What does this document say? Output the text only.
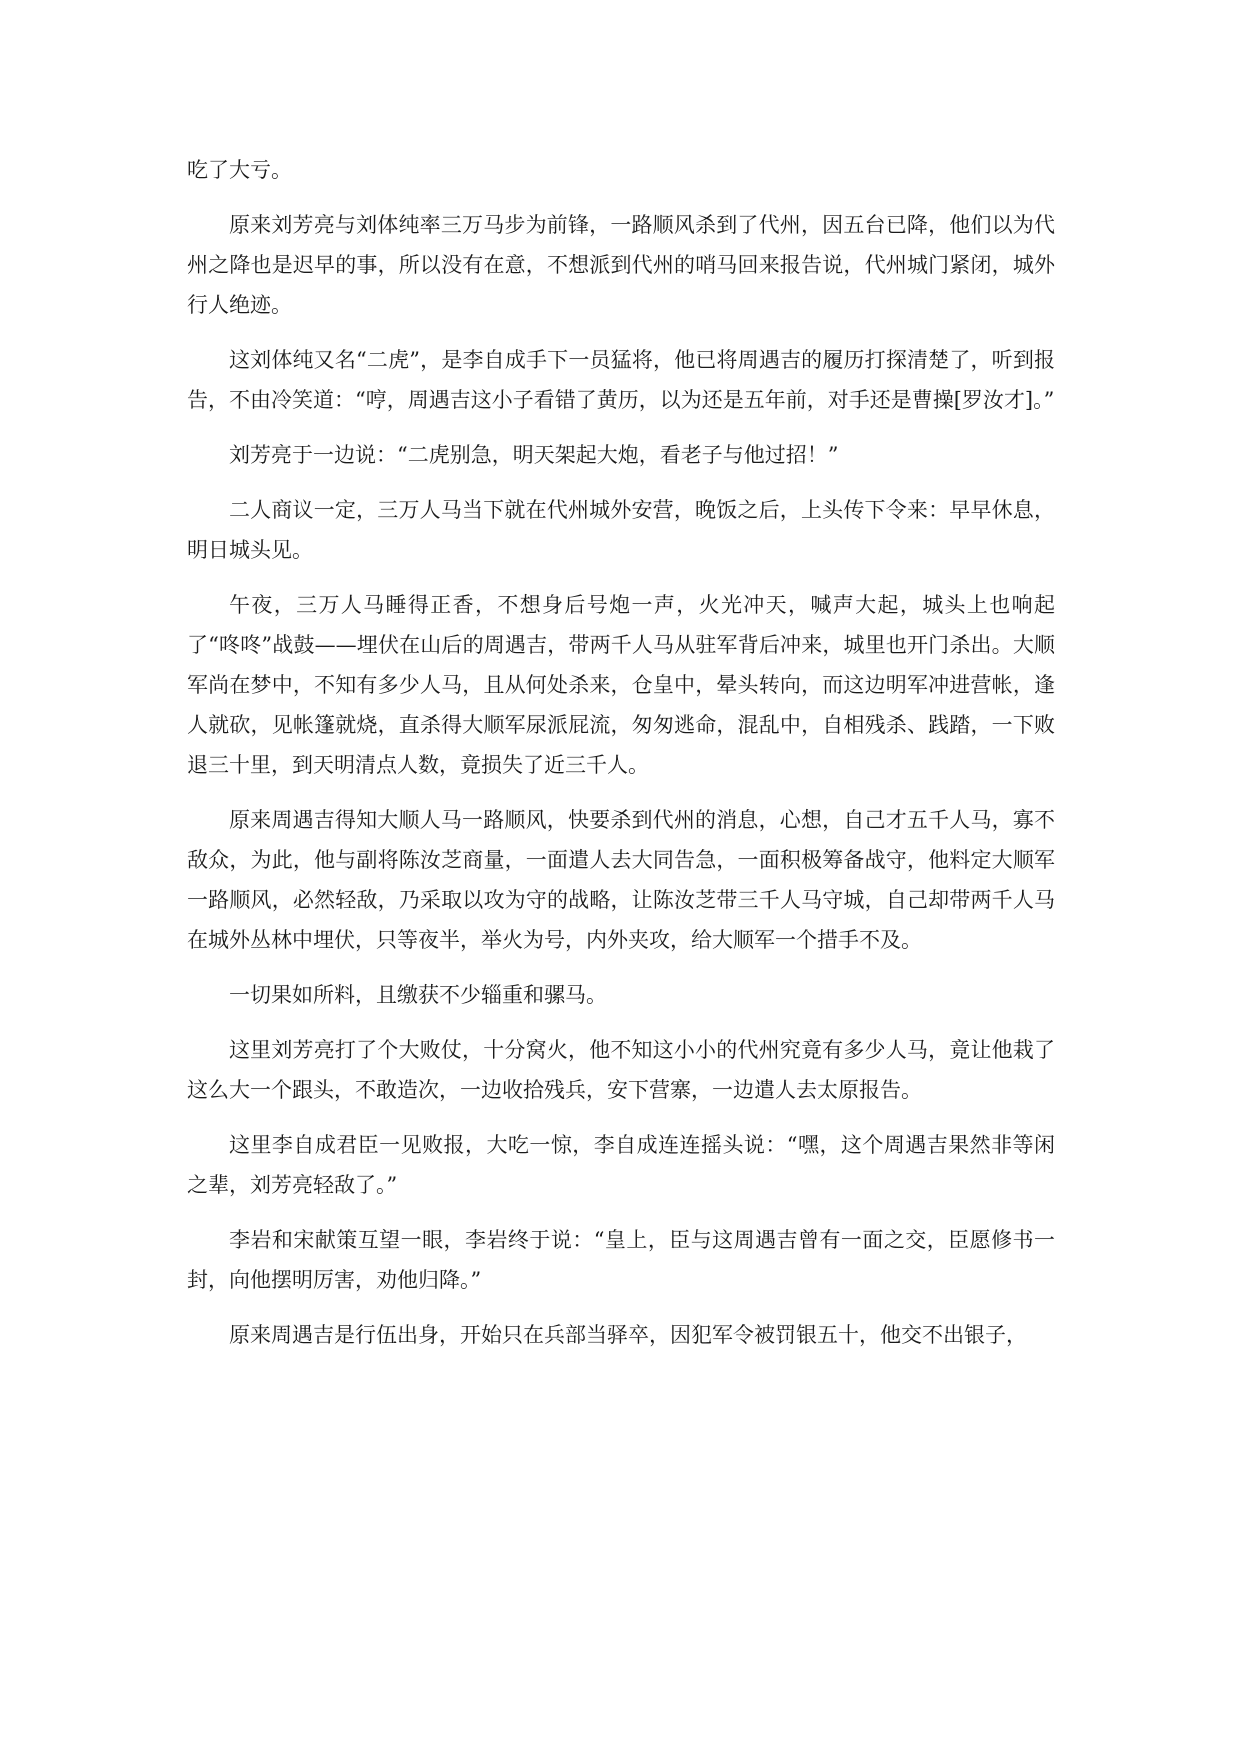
吃了大亏。

原来刘芳亮与刘体纯率三万马步为前锋，一路顺风杀到了代州，因五台已降，他们以为代州之降也是迟早的事，所以没有在意，不想派到代州的哨马回来报告说，代州城门紧闭，城外行人绝迹。

这刘体纯又名“二虎”，是李自成手下一员猛将，他已将周遇吉的履历打探清楚了，听到报告，不由冷笑道：“哼，周遇吉这小子看错了黄历，以为还是五年前，对手还是曹操[罗汝才]。”

刘芳亮于一边说：“二虎别急，明天架起大炮，看老子与他过招！”

二人商议一定，三万人马当下就在代州城外安营，晚饭之后，上头传下令来：早早休息，明日城头见。

午夜，三万人马睡得正香，不想身后号炮一声，火光冲天，喊声大起，城头上也响起了“咚咚”战鼓——埋伏在山后的周遇吉，带两千人马从驻军背后冲来，城里也开门杀出。大顺军尚在梦中，不知有多少人马，且从何处杀来，仓皇中，晕头转向，而这边明军冲进营帐，逢人就砍，见帐篷就烧，直杀得大顺军尿派屁流，匆匆逃命，混乱中，自相残杀、践踏，一下败退三十里，到天明清点人数，竟损失了近三千人。

原来周遇吉得知大顺人马一路顺风，快要杀到代州的消息，心想，自己才五千人马，寡不敌众，为此，他与副将陈汝芝商量，一面遣人去大同告急，一面积极筹备战守，他料定大顺军一路顺风，必然轻敌，乃采取以攻为守的战略，让陈汝芝带三千人马守城，自己却带两千人马在城外丛林中埋伏，只等夜半，举火为号，内外夹攻，给大顺军一个措手不及。

一切果如所料，且缴获不少辎重和骡马。

这里刘芳亮打了个大败仗，十分窝火，他不知这小小的代州究竟有多少人马，竟让他栽了这么大一个跟头，不敢造次，一边收拾残兵，安下营寨，一边遣人去太原报告。

这里李自成君臣一见败报，大吃一惊，李自成连连摇头说：“嘿，这个周遇吉果然非等闲之辈，刘芳亮轻敌了。”

李岩和宋献策互望一眼，李岩终于说：“皇上，臣与这周遇吉曾有一面之交，臣愿修书一封，向他摆明厉害，劝他归降。”

原来周遇吉是行伍出身，开始只在兵部当驿卒，因犯军令被罚银五十，他交不出银子，
